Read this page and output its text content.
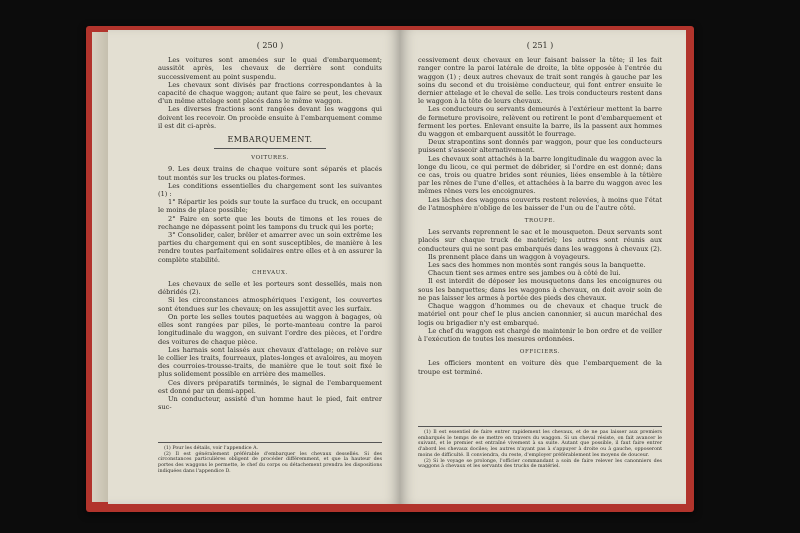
( 250 )

Les voitures sont amenées sur le quai d'embarquement; aussitôt après, les chevaux de derrière sont conduits successivement au point suspendu.

Les chevaux sont divisés par fractions correspondantes à la capacité de chaque waggon; autant que faire se peut, les chevaux d'un même attelage sont placés dans le même waggon.

Les diverses fractions sont rangées devant les waggons qui doivent les recevoir. On procède ensuite à l'embarquement comme il est dit ci-après.

EMBARQUEMENT.
VOITURES.

9. Les deux trains de chaque voiture sont séparés et placés tout montés sur les trucks ou plates-formes.

Les conditions essentielles du chargement sont les suivantes (1) :

1° Répartir les poids sur toute la surface du truck, en occupant le moins de place possible;

2° Faire en sorte que les bouts de timons et les roues de rechange ne dépassent point les tampons du truck qui les porte;

3° Consolider, caler, brêler et amarrer avec un soin extrême les parties du chargement qui en sont susceptibles, de manière à les rendre toutes parfaitement solidaires entre elles et à en assurer la complète stabilité.

CHEVAUX.

Les chevaux de selle et les porteurs sont dessellés, mais non débridés (2).

Si les circonstances atmosphériques l'exigent, les couvertes sont étendues sur les chevaux; on les assujettit avec les surfaix.

On porte les selles toutes paquetées au waggon à bagages, où elles sont rangées par piles, le porte-manteau contre la paroi longitudinale du waggon, en suivant l'ordre des pièces, et l'ordre des voitures de chaque pièce.

Les harnais sont laissés aux chevaux d'attelage; on relève sur le collier les traits, fourreaux, plates-longes et avaloires, au moyen des courroies-trousse-traits, de manière que le tout soit fixé le plus solidement possible en arrière des mamelles.

Ces divers préparatifs terminés, le signal de l'embarquement est donné par un demi-appel.

Un conducteur, assisté d'un homme haut le pied, fait entrer suc-

(1) Pour les détails, voir l'appendice A.

(2) Il est généralement préférable d'embarquer les chevaux dessellés. Si des circonstances particulières obligent de procéder différemment, et que la hauteur des portes des waggons le permette, le chef du corps ou détachement prendra les dispositions indiquées dans l'appendice D.

( 251 )

cessivement deux chevaux en leur faisant baisser la tête; il les fait ranger contre la paroi latérale de droite, la tête opposée à l'entrée du waggon (1) ; deux autres chevaux de trait sont rangés à gauche par les soins du second et du troisième conducteur, qui font entrer ensuite le dernier attelage et le cheval de selle. Les trois conducteurs restent dans le waggon à la tête de leurs chevaux.

Les conducteurs ou servants demeurés à l'extérieur mettent la barre de fermeture provisoire, relèvent ou retirent le pont d'embarquement et ferment les portes. Enlevant ensuite la barre, ils la passent aux hommes du waggon et embarquent aussitôt le fourrage.

Deux strapontins sont donnés par waggon, pour que les conducteurs puissent s'asseoir alternativement.

Les chevaux sont attachés à la barre longitudinale du waggon avec la longe du licou, ce qui permet de débrider, si l'ordre en est donné; dans ce cas, trois ou quatre brides sont réunies, liées ensemble à la têtière par les rênes de l'une d'elles, et attachées à la barre du waggon avec les mêmes rênes vers les encoignures.

Les lâches des waggons couverts restent relevées, à moins que l'état de l'atmosphère n'oblige de les baisser de l'un ou de l'autre côté.

TROUPE.

Les servants reprennent le sac et le mousqueton. Deux servants sont placés sur chaque truck de matériel; les autres sont réunis aux conducteurs qui ne sont pas embarqués dans les waggons à chevaux (2).

Ils prennent place dans un waggon à voyageurs.

Les sacs des hommes non montés sont rangés sous la banquette.

Chacun tient ses armes entre ses jambes ou à côté de lui.

Il est interdit de déposer les mousquetons dans les encoignures ou sous les banquettes; dans les waggons à chevaux, on doit avoir soin de ne pas laisser les armes à portée des pieds des chevaux.

Chaque waggon d'hommes ou de chevaux et chaque truck de matériel ont pour chef le plus ancien canonnier, si aucun maréchal des logis ou brigadier n'y est embarqué.

Le chef du waggon est chargé de maintenir le bon ordre et de veiller à l'exécution de toutes les mesures ordonnées.

OFFICIERS.

Les officiers montent en voiture dès que l'embarquement de la troupe est terminé.

(1) Il est essentiel de faire entrer rapidement les chevaux, et de ne pas laisser aux premiers embarqués le temps de se mettre en travers du waggon. Si un cheval résiste, on fait avancer le suivant, et le premier est entraîné vivement à sa suite. Autant que possible, il faut faire entrer d'abord les chevaux dociles; les autres n'ayant pas à s'appuyer à droite ou à gauche, opposeront moins de difficulté. Il conviendra, du reste, d'employer préférablement les moyens de douceur.

(2) Si le voyage se prolonge, l'officier commandant a soin de faire relever les canonniers des waggons à chevaux et les servants des trucks de matériel.
